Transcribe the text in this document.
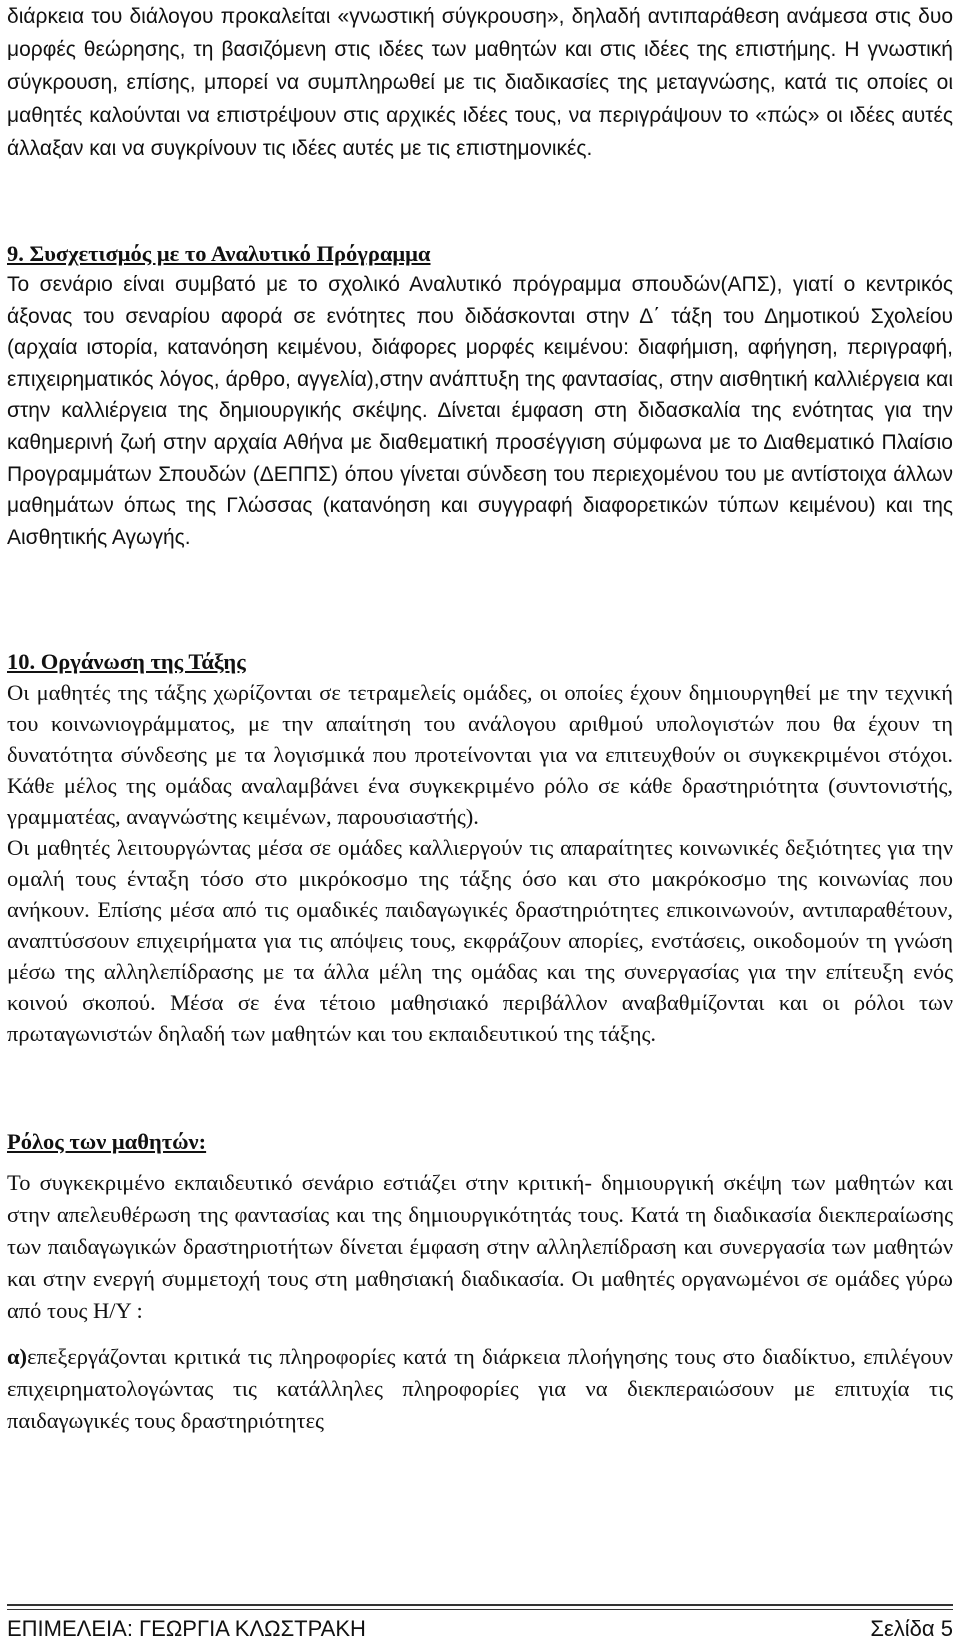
διάρκεια του διάλογου προκαλείται «γνωστική σύγκρουση», δηλαδή αντιπαράθεση ανάμεσα στις δυο μορφές θεώρησης, τη βασιζόμενη στις ιδέες των μαθητών και στις ιδέες της επιστήμης. Η γνωστική σύγκρουση, επίσης, μπορεί να συμπληρωθεί με τις διαδικασίες της μεταγνώσης, κατά τις οποίες οι μαθητές καλούνται να επιστρέψουν στις αρχικές ιδέες τους, να περιγράψουν το «πώς» οι ιδέες αυτές άλλαξαν και να συγκρίνουν τις ιδέες αυτές με τις επιστημονικές.

9. Συσχετισμός με το Αναλυτικό Πρόγραμμα

Το σενάριο είναι συμβατό με το σχολικό Αναλυτικό πρόγραμμα σπουδών(ΑΠΣ), γιατί ο κεντρικός άξονας του σεναρίου αφορά σε ενότητες που διδάσκονται στην Δ΄ τάξη του Δημοτικού Σχολείου (αρχαία ιστορία, κατανόηση κειμένου, διάφορες μορφές κειμένου: διαφήμιση, αφήγηση, περιγραφή, επιχειρηματικός λόγος, άρθρο, αγγελία),στην ανάπτυξη της φαντασίας, στην αισθητική καλλιέργεια και στην καλλιέργεια της δημιουργικής σκέψης. Δίνεται έμφαση στη διδασκαλία της ενότητας για την καθημερινή ζωή στην αρχαία Αθήνα με διαθεματική προσέγγιση σύμφωνα με το Διαθεματικό Πλαίσιο Προγραμμάτων Σπουδών (ΔΕΠΠΣ) όπου γίνεται σύνδεση του περιεχομένου του με αντίστοιχα άλλων μαθημάτων όπως της Γλώσσας (κατανόηση και συγγραφή διαφορετικών τύπων κειμένου) και της Αισθητικής Αγωγής.

10. Οργάνωση της Τάξης

Οι μαθητές της τάξης χωρίζονται σε τετραμελείς ομάδες, οι οποίες έχουν δημιουργηθεί με την τεχνική του κοινωνιογράμματος, με την απαίτηση του ανάλογου αριθμού υπολογιστών που θα έχουν τη δυνατότητα σύνδεσης με τα λογισμικά που προτείνονται για να επιτευχθούν οι συγκεκριμένοι στόχοι. Κάθε μέλος της ομάδας αναλαμβάνει ένα συγκεκριμένο ρόλο σε κάθε δραστηριότητα (συντονιστής, γραμματέας, αναγνώστης κειμένων, παρουσιαστής).

Οι μαθητές λειτουργώντας μέσα σε ομάδες καλλιεργούν τις απαραίτητες κοινωνικές δεξιότητες για την ομαλή τους ένταξη τόσο στο μικρόκοσμο της τάξης όσο και στο μακρόκοσμο της κοινωνίας που ανήκουν. Επίσης μέσα από τις ομαδικές παιδαγωγικές δραστηριότητες επικοινωνούν, αντιπαραθέτουν, αναπτύσσουν επιχειρήματα για τις απόψεις τους, εκφράζουν απορίες, ενστάσεις, οικοδομούν τη γνώση μέσω της αλληλεπίδρασης με τα άλλα μέλη της ομάδας και της συνεργασίας για την επίτευξη ενός κοινού σκοπού. Μέσα σε ένα τέτοιο μαθησιακό περιβάλλον αναβαθμίζονται και οι ρόλοι των πρωταγωνιστών δηλαδή των μαθητών και του εκπαιδευτικού της τάξης.

Ρόλος των μαθητών:

Το συγκεκριμένο εκπαιδευτικό σενάριο εστιάζει στην κριτική- δημιουργική σκέψη των μαθητών και στην απελευθέρωση της φαντασίας και της δημιουργικότητάς τους. Κατά τη διαδικασία διεκπεραίωσης των παιδαγωγικών δραστηριοτήτων δίνεται έμφαση στην αλληλεπίδραση και συνεργασία των μαθητών και στην ενεργή συμμετοχή τους στη μαθησιακή διαδικασία. Οι μαθητές οργανωμένοι σε ομάδες γύρω από τους Η/Υ :

α)επεξεργάζονται κριτικά τις πληροφορίες κατά τη διάρκεια πλοήγησης τους στο διαδίκτυο, επιλέγουν επιχειρηματολογώντας τις κατάλληλες πληροφορίες για να διεκπεραιώσουν με επιτυχία τις παιδαγωγικές τους δραστηριότητες

ΕΠΙΜΕΛΕΙΑ: ΓΕΩΡΓΙΑ ΚΛΩΣΤΡΑΚΗ	Σελίδα 5
